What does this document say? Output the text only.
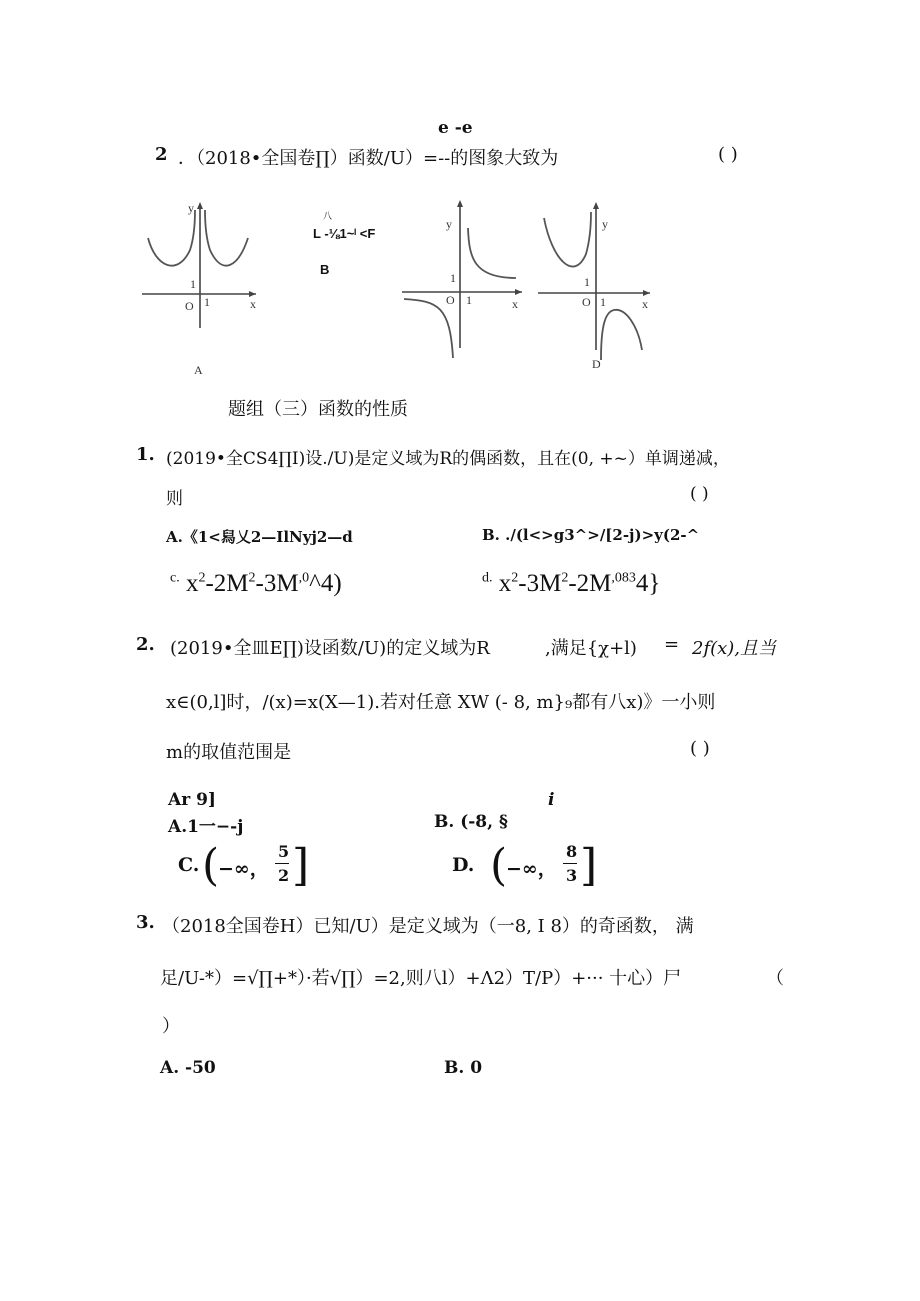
e -e
2 ．（2018•全国卷∏）函数/U）=--的图象大致为	( )
O 1
1
x
y
A
八
L -⅛1~ˡ <F
B
O 1
1
x
y
O 1
1
x
y
D
题组（三）函数的性质
1. (2019•全CS4∏I)设./U)是定义域为R的偶函数，且在(0, +~）单调递减，
则	( )
A.《1<舄乂2—IlNyj2—d	B. ./(l<>g3^>/[2-j)>y(2-^
$^{c.}$ $x^2-2M^2-3M^{,0}\^{}4$)	$^{d.}$ $x^2-3M^2-2M^{,083}4$}
2. (2019•全皿E∏)设函数/U)的定义域为R	,满足{χ+l) = 2f(x),且当
x∈(0,l]时，/(x)=x(X—1).若对任意 XW (- 8, m}₉都有八x)》一小则
m的取值范围是	( )
Ar 9]	i
A.1一−-j	B. (-8, §
C. (
−∞，
5
2 ]	D. (
−∞，
8
3 ]
3. （2018全国卷H）已知/U）是定义域为（一8, I 8）的奇函数， 满
足/U-*）=√∏+*）·若√∏）=2,则八l）+Λ2）T/P）+··· 十心）尸	（
）
A. -50	B. 0
